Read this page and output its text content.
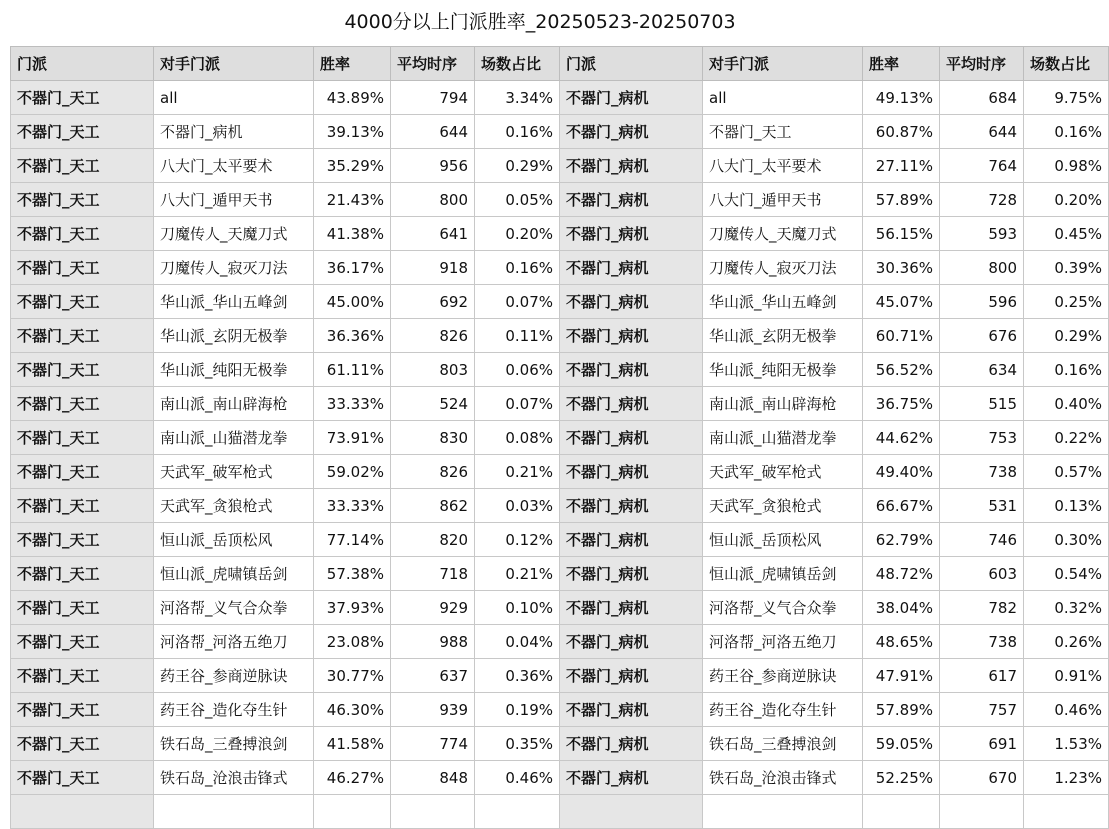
4000分以上门派胜率_20250523-20250703
门派	对手门派	胜率	平均时序	场数占比	门派	对手门派	胜率	平均时序	场数占比
不器门_天工	all	43.89%	794	3.34%	不器门_病机	all	49.13%	684	9.75%
不器门_天工	不器门_病机	39.13%	644	0.16%	不器门_病机	不器门_天工	60.87%	644	0.16%
不器门_天工	八大门_太平要术	35.29%	956	0.29%	不器门_病机	八大门_太平要术	27.11%	764	0.98%
不器门_天工	八大门_遁甲天书	21.43%	800	0.05%	不器门_病机	八大门_遁甲天书	57.89%	728	0.20%
不器门_天工	刀魔传人_天魔刀式	41.38%	641	0.20%	不器门_病机	刀魔传人_天魔刀式	56.15%	593	0.45%
不器门_天工	刀魔传人_寂灭刀法	36.17%	918	0.16%	不器门_病机	刀魔传人_寂灭刀法	30.36%	800	0.39%
不器门_天工	华山派_华山五峰剑	45.00%	692	0.07%	不器门_病机	华山派_华山五峰剑	45.07%	596	0.25%
不器门_天工	华山派_玄阴无极拳	36.36%	826	0.11%	不器门_病机	华山派_玄阴无极拳	60.71%	676	0.29%
不器门_天工	华山派_纯阳无极拳	61.11%	803	0.06%	不器门_病机	华山派_纯阳无极拳	56.52%	634	0.16%
不器门_天工	南山派_南山辟海枪	33.33%	524	0.07%	不器门_病机	南山派_南山辟海枪	36.75%	515	0.40%
不器门_天工	南山派_山猫潜龙拳	73.91%	830	0.08%	不器门_病机	南山派_山猫潜龙拳	44.62%	753	0.22%
不器门_天工	天武军_破军枪式	59.02%	826	0.21%	不器门_病机	天武军_破军枪式	49.40%	738	0.57%
不器门_天工	天武军_贪狼枪式	33.33%	862	0.03%	不器门_病机	天武军_贪狼枪式	66.67%	531	0.13%
不器门_天工	恒山派_岳顶松风	77.14%	820	0.12%	不器门_病机	恒山派_岳顶松风	62.79%	746	0.30%
不器门_天工	恒山派_虎啸镇岳剑	57.38%	718	0.21%	不器门_病机	恒山派_虎啸镇岳剑	48.72%	603	0.54%
不器门_天工	河洛帮_义气合众拳	37.93%	929	0.10%	不器门_病机	河洛帮_义气合众拳	38.04%	782	0.32%
不器门_天工	河洛帮_河洛五绝刀	23.08%	988	0.04%	不器门_病机	河洛帮_河洛五绝刀	48.65%	738	0.26%
不器门_天工	药王谷_参商逆脉诀	30.77%	637	0.36%	不器门_病机	药王谷_参商逆脉诀	47.91%	617	0.91%
不器门_天工	药王谷_造化夺生针	46.30%	939	0.19%	不器门_病机	药王谷_造化夺生针	57.89%	757	0.46%
不器门_天工	铁石岛_三叠搏浪剑	41.58%	774	0.35%	不器门_病机	铁石岛_三叠搏浪剑	59.05%	691	1.53%
不器门_天工	铁石岛_沧浪击锋式	46.27%	848	0.46%	不器门_病机	铁石岛_沧浪击锋式	52.25%	670	1.23%
